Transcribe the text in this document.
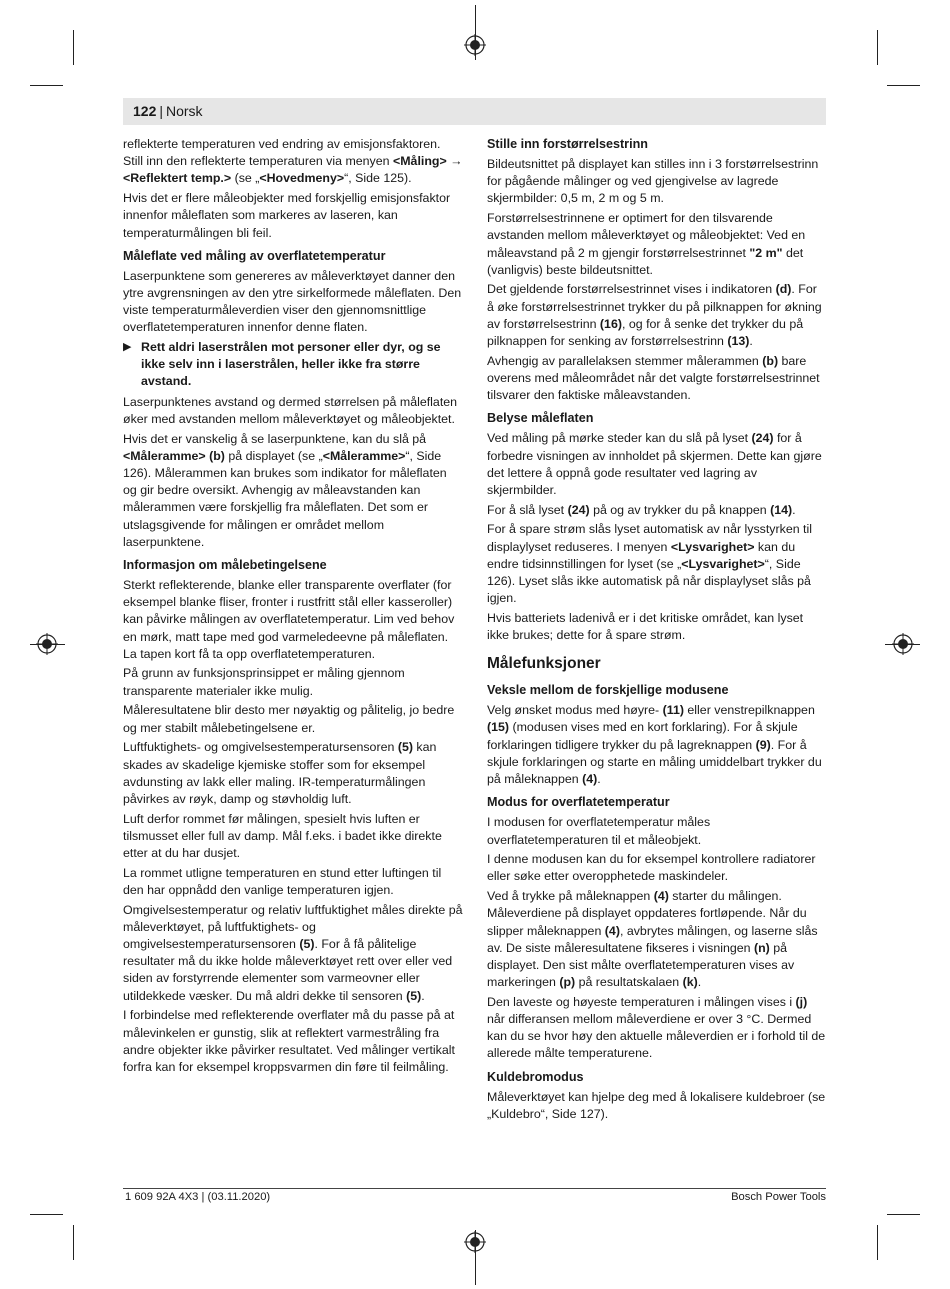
122 | Norsk

reflekterte temperaturen ved endring av emisjonsfaktoren. Still inn den reflekterte temperaturen via menyen <Måling> → <Reflektert temp.> (se „<Hovedmeny>“, Side 125).

Hvis det er flere måleobjekter med forskjellig emisjonsfaktor innenfor måleflaten som markeres av laseren, kan temperaturmålingen bli feil.

Måleflate ved måling av overflatetemperatur

Laserpunktene som genereres av måleverktøyet danner den ytre avgrensningen av den ytre sirkelformede måleflaten. Den viste temperaturmåleverdien viser den gjennomsnittlige overflatetemperaturen innenfor denne flaten.

▶ Rett aldri laserstrålen mot personer eller dyr, og se ikke selv inn i laserstrålen, heller ikke fra større avstand.

Laserpunktenes avstand og dermed størrelsen på måleflaten øker med avstanden mellom måleverktøyet og måleobjektet.

Hvis det er vanskelig å se laserpunktene, kan du slå på <Måleramme> (b) på displayet (se „<Måleramme>“, Side 126). Målerammen kan brukes som indikator for måleflaten og gir bedre oversikt. Avhengig av måleavstanden kan målerammen være forskjellig fra måleflaten. Det som er utslagsgivende for målingen er området mellom laserpunktene.

Informasjon om målebetingelsene

Sterkt reflekterende, blanke eller transparente overflater (for eksempel blanke fliser, fronter i rustfritt stål eller kasseroller) kan påvirke målingen av overflatetemperatur. Lim ved behov en mørk, matt tape med god varmeledeevne på måleflaten. La tapen kort få ta opp overflatetemperaturen.

På grunn av funksjonsprinsippet er måling gjennom transparente materialer ikke mulig.

Måleresultatene blir desto mer nøyaktig og pålitelig, jo bedre og mer stabilt målebetingelsene er.

Luftfuktighets- og omgivelsestemperatursensoren (5) kan skades av skadelige kjemiske stoffer som for eksempel avdunsting av lakk eller maling. IR-temperaturmålingen påvirkes av røyk, damp og støvholdig luft.

Luft derfor rommet før målingen, spesielt hvis luften er tilsmusset eller full av damp. Mål f.eks. i badet ikke direkte etter at du har dusjet.

La rommet utligne temperaturen en stund etter luftingen til den har oppnådd den vanlige temperaturen igjen.

Omgivelsestemperatur og relativ luftfuktighet måles direkte på måleverktøyet, på luftfuktighets- og omgivelsestemperatursensoren (5). For å få pålitelige resultater må du ikke holde måleverktøyet rett over eller ved siden av forstyrrende elementer som varmeovner eller utildekkede væsker. Du må aldri dekke til sensoren (5).

I forbindelse med reflekterende overflater må du passe på at målevinkelen er gunstig, slik at reflektert varmestråling fra andre objekter ikke påvirker resultatet. Ved målinger vertikalt forfra kan for eksempel kroppsvarmen din føre til feilmåling.

Stille inn forstørrelsestrinn

Bildeutsnittet på displayet kan stilles inn i 3 forstørrelsestrinn for pågående målinger og ved gjengivelse av lagrede skjermbilder: 0,5 m, 2 m og 5 m.

Forstørrelsestrinnene er optimert for den tilsvarende avstanden mellom måleverktøyet og måleobjektet: Ved en måleavstand på 2 m gjengir forstørrelsestrinnet "2 m" det (vanligvis) beste bildeutsnittet.

Det gjeldende forstørrelsestrinnet vises i indikatoren (d). For å øke forstørrelsestrinnet trykker du på pilknappen for økning av forstørrelsestrinn (16), og for å senke det trykker du på pilknappen for senking av forstørrelsestrinn (13).

Avhengig av parallelaksen stemmer målerammen (b) bare overens med måleområdet når det valgte forstørrelsestrinnet tilsvarer den faktiske måleavstanden.

Belyse måleflaten

Ved måling på mørke steder kan du slå på lyset (24) for å forbedre visningen av innholdet på skjermen. Dette kan gjøre det lettere å oppnå gode resultater ved lagring av skjermbilder.

For å slå lyset (24) på og av trykker du på knappen (14).

For å spare strøm slås lyset automatisk av når lysstyrken til displaylyset reduseres. I menyen <Lysvarighet> kan du endre tidsinnstillingen for lyset (se „<Lysvarighet>“, Side 126). Lyset slås ikke automatisk på når displaylyset slås på igjen.

Hvis batteriets ladenivå er i det kritiske området, kan lyset ikke brukes; dette for å spare strøm.

Målefunksjoner
Veksle mellom de forskjellige modusene

Velg ønsket modus med høyre- (11) eller venstrepilknappen (15) (modusen vises med en kort forklaring). For å skjule forklaringen tidligere trykker du på lagreknappen (9). For å skjule forklaringen og starte en måling umiddelbart trykker du på måleknappen (4).

Modus for overflatetemperatur

I modusen for overflatetemperatur måles overflatetemperaturen til et måleobjekt.

I denne modusen kan du for eksempel kontrollere radiatorer eller søke etter overopphetede maskindeler.

Ved å trykke på måleknappen (4) starter du målingen. Måleverdiene på displayet oppdateres fortløpende. Når du slipper måleknappen (4), avbrytes målingen, og laserne slås av. De siste måleresultatene fikseres i visningen (n) på displayet. Den sist målte overflatetemperaturen vises av markeringen (p) på resultatskalaen (k).

Den laveste og høyeste temperaturen i målingen vises i (j) når differansen mellom måleverdiene er over 3 °C. Dermed kan du se hvor høy den aktuelle måleverdien er i forhold til de allerede målte temperaturene.

Kuldebromodus

Måleverktøyet kan hjelpe deg med å lokalisere kuldebroer (se „Kuldebro“, Side 127).

1 609 92A 4X3 | (03.11.2020)	Bosch Power Tools
